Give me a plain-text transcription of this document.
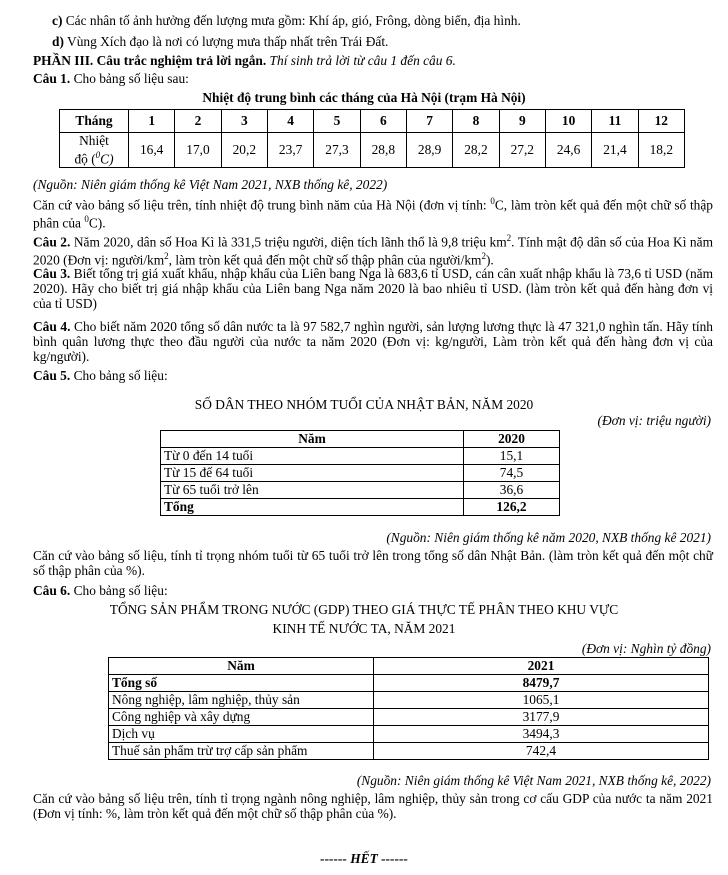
c) Các nhân tố ảnh hưởng đến lượng mưa gồm: Khí áp, gió, Frông, dòng biển, địa hình.
d) Vùng Xích đạo là nơi có lượng mưa thấp nhất trên Trái Đất.
PHẦN III. Câu trắc nghiệm trả lời ngắn. Thí sinh trả lời từ câu 1 đến câu 6.
Câu 1. Cho bảng số liệu sau:
Nhiệt độ trung bình các tháng của Hà Nội (trạm Hà Nội)
Tháng	1	2	3	4	5	6	7	8	9	10	11	12
Nhiệt
độ ($^0$C)	16,4	17,0	20,2	23,7	27,3	28,8	28,9	28,2	27,2	24,6	21,4	18,2
(Nguồn: Niên giám thống kê Việt Nam 2021, NXB thống kê, 2022)
Căn cứ vào bảng số liệu trên, tính nhiệt độ trung bình năm của Hà Nội (đơn vị tính: $^0$C, làm tròn kết quả đến một chữ số thập phân của $^0$C).
Câu 2. Năm 2020, dân số Hoa Kì là 331,5 triệu người, diện tích lãnh thổ là 9,8 triệu $km^2$. Tính mật độ dân số của Hoa Kì năm 2020 (Đơn vị: người/$km^2$, làm tròn kết quả đến một chữ số thập phân của người/$km^2$).
Câu 3. Biết tổng trị giá xuất khẩu, nhập khẩu của Liên bang Nga là 683,6 tỉ USD, cán cân xuất nhập khẩu là 73,6 tỉ USD (năm 2020). Hãy cho biết trị giá nhập khẩu của Liên bang Nga năm 2020 là bao nhiêu tỉ USD. (làm tròn kết quả đến hàng đơn vị của tỉ USD)
Câu 4. Cho biết năm 2020 tổng số dân nước ta là 97 582,7 nghìn người, sản lượng lương thực là 47 321,0 nghìn tấn. Hãy tính bình quân lương thực theo đầu người của nước ta năm 2020 (Đơn vị: kg/người, Làm tròn kết quả đến hàng đơn vị của kg/người).
Câu 5. Cho bảng số liệu:
SỐ DÂN THEO NHÓM TUỔI CỦA NHẬT BẢN, NĂM 2020
(Đơn vị: triệu người)
Năm	2020
Từ 0 đến 14 tuổi	15,1
Từ 15 đế 64 tuổi	74,5
Từ 65 tuổi trở lên	36,6
Tổng	126,2
(Nguồn: Niên giám thống kê năm 2020, NXB thống kê 2021)
Căn cứ vào bảng số liệu, tính tỉ trọng nhóm tuổi từ 65 tuổi trở lên trong tổng số dân Nhật Bản. (làm tròn kết quả đến một chữ số thập phân của %).
Câu 6. Cho bảng số liệu:
TỔNG SẢN PHẨM TRONG NƯỚC (GDP) THEO GIÁ THỰC TẾ PHÂN THEO KHU VỰC
KINH TẾ NƯỚC TA, NĂM 2021
(Đơn vị: Nghìn tỷ đồng)
Năm	2021
Tổng số	8479,7
Nông nghiệp, lâm nghiệp, thủy sản	1065,1
Công nghiệp và xây dựng	3177,9
Dịch vụ	3494,3
Thuế sản phẩm trừ trợ cấp sản phẩm	742,4
(Nguồn: Niên giám thống kê Việt Nam 2021, NXB thống kê, 2022)
Căn cứ vào bảng số liệu trên, tính tỉ trọng ngành nông nghiệp, lâm nghiệp, thủy sản trong cơ cấu GDP của nước ta năm 2021 (Đơn vị tính: %, làm tròn kết quả đến một chữ số thập phân của %).
------ HẾT ------
